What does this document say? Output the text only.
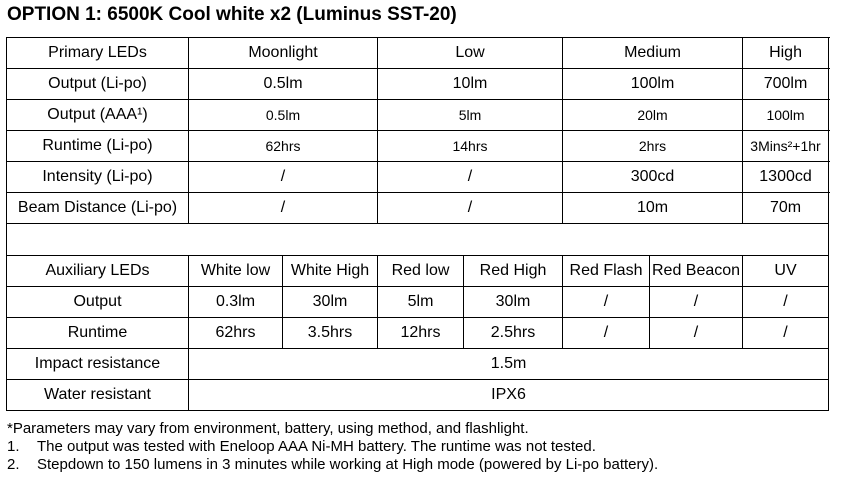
OPTION 1: 6500K Cool white x2 (Luminus SST-20)
Primary LEDs	Moonlight		Low		Medium		High	
Output (Li-po)	0.5lm		10lm		100lm		700lm	
Output (AAA¹)	0.5lm		5lm		20lm		100lm	
Runtime (Li-po)	62hrs		14hrs		2hrs		3Mins²+1hr	
Intensity (Li-po)	/		/		300cd		1300cd	
Beam Distance (Li-po)	/		/		10m		70m	

Auxiliary LEDs	White low	White High	Red low	Red High	Red Flash	Red Beacon	UV	
Output	0.3lm	30lm	5lm	30lm	/	/	/	
Runtime	62hrs	3.5hrs	12hrs	2.5hrs	/	/	/	
Impact resistance	1.5m							
Water resistant	IPX6							
*Parameters may vary from environment, battery, using method, and flashlight.
1. The output was tested with Eneloop AAA Ni-MH battery. The runtime was not tested.
2. Stepdown to 150 lumens in 3 minutes while working at High mode (powered by Li-po battery).
